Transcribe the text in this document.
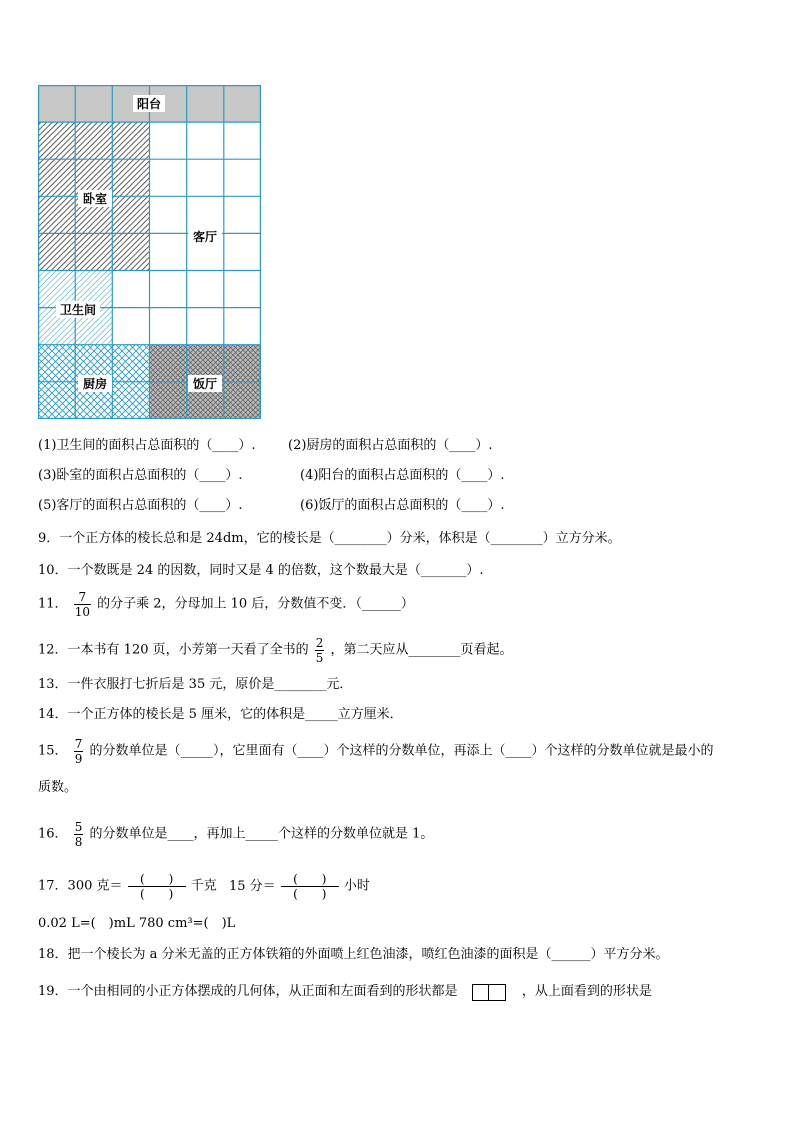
阳台
卧室
客厅
卫生间
厨房	饭厅
(1)卫生间的面积占总面积的（____）. (2)厨房的面积占总面积的（____）.
(3)卧室的面积占总面积的（____）.	(4)阳台的面积占总面积的（____）.
(5)客厅的面积占总面积的（____）.	(6)饭厅的面积占总面积的（____）.
9．一个正方体的棱长总和是 24dm，它的棱长是（________）分米，体积是（________）立方分米。
10．一个数既是 24 的因数，同时又是 4 的倍数，这个数最大是（_______）.
11． $\frac{7}{10}$ 的分子乘 2，分母加上 10 后，分数值不变．（______）
12．一本书有 120 页，小芳第一天看了全书的 $\frac{2}{5}$ ，第二天应从________页看起。
13．一件衣服打七折后是 35 元，原价是________元．
14．一个正方体的棱长是 5 厘米，它的体积是_____立方厘米．
15． $\frac{7}{9}$ 的分数单位是（_____），它里面有（____）个这样的分数单位，再添上（____）个这样的分数单位就是最小的
质数。
16． $\frac{5}{8}$ 的分数单位是____，再加上_____个这样的分数单位就是 1。
17．300 克＝ $\frac{( )}{( )}$ 千克 15 分＝ $\frac{( )}{( )}$ 小时
0.02 L=(　)mL 780 cm³=(　)L
18．把一个棱长为 a 分米无盖的正方体铁箱的外面喷上红色油漆，喷红色油漆的面积是（______）平方分米。
19．一个由相同的小正方体摆成的几何体，从正面和左面看到的形状都是	，从上面看到的形状是
